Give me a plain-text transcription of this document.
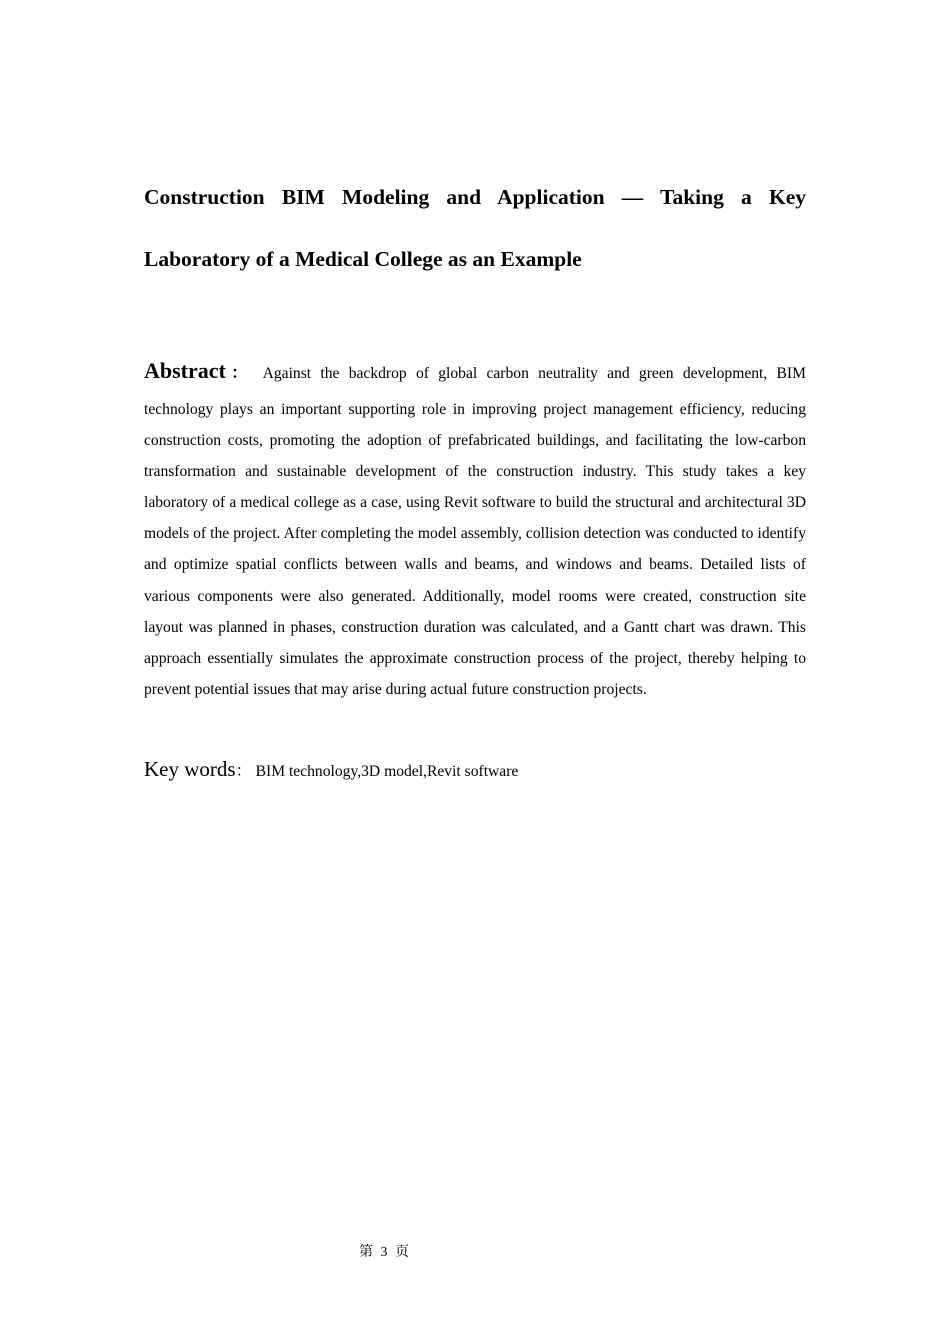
Construction BIM Modeling and Application — Taking a Key Laboratory of a Medical College as an Example
Abstract： Against the backdrop of global carbon neutrality and green development, BIM
technology plays an important supporting role in improving project management efficiency, reducing construction costs, promoting the adoption of prefabricated buildings, and facilitating the low-carbon transformation and sustainable development of the construction industry. This study takes a key laboratory of a medical college as a case, using Revit software to build the structural and architectural 3D models of the project. After completing the model assembly, collision detection was conducted to identify and optimize spatial conflicts between walls and beams, and windows and beams. Detailed lists of various components were also generated. Additionally, model rooms were created, construction site layout was planned in phases, construction duration was calculated, and a Gantt chart was drawn. This approach essentially simulates the approximate construction process of the project, thereby helping to prevent potential issues that may arise during actual future construction projects.
Key words： BIM technology,3D model,Revit software
第 3 页
